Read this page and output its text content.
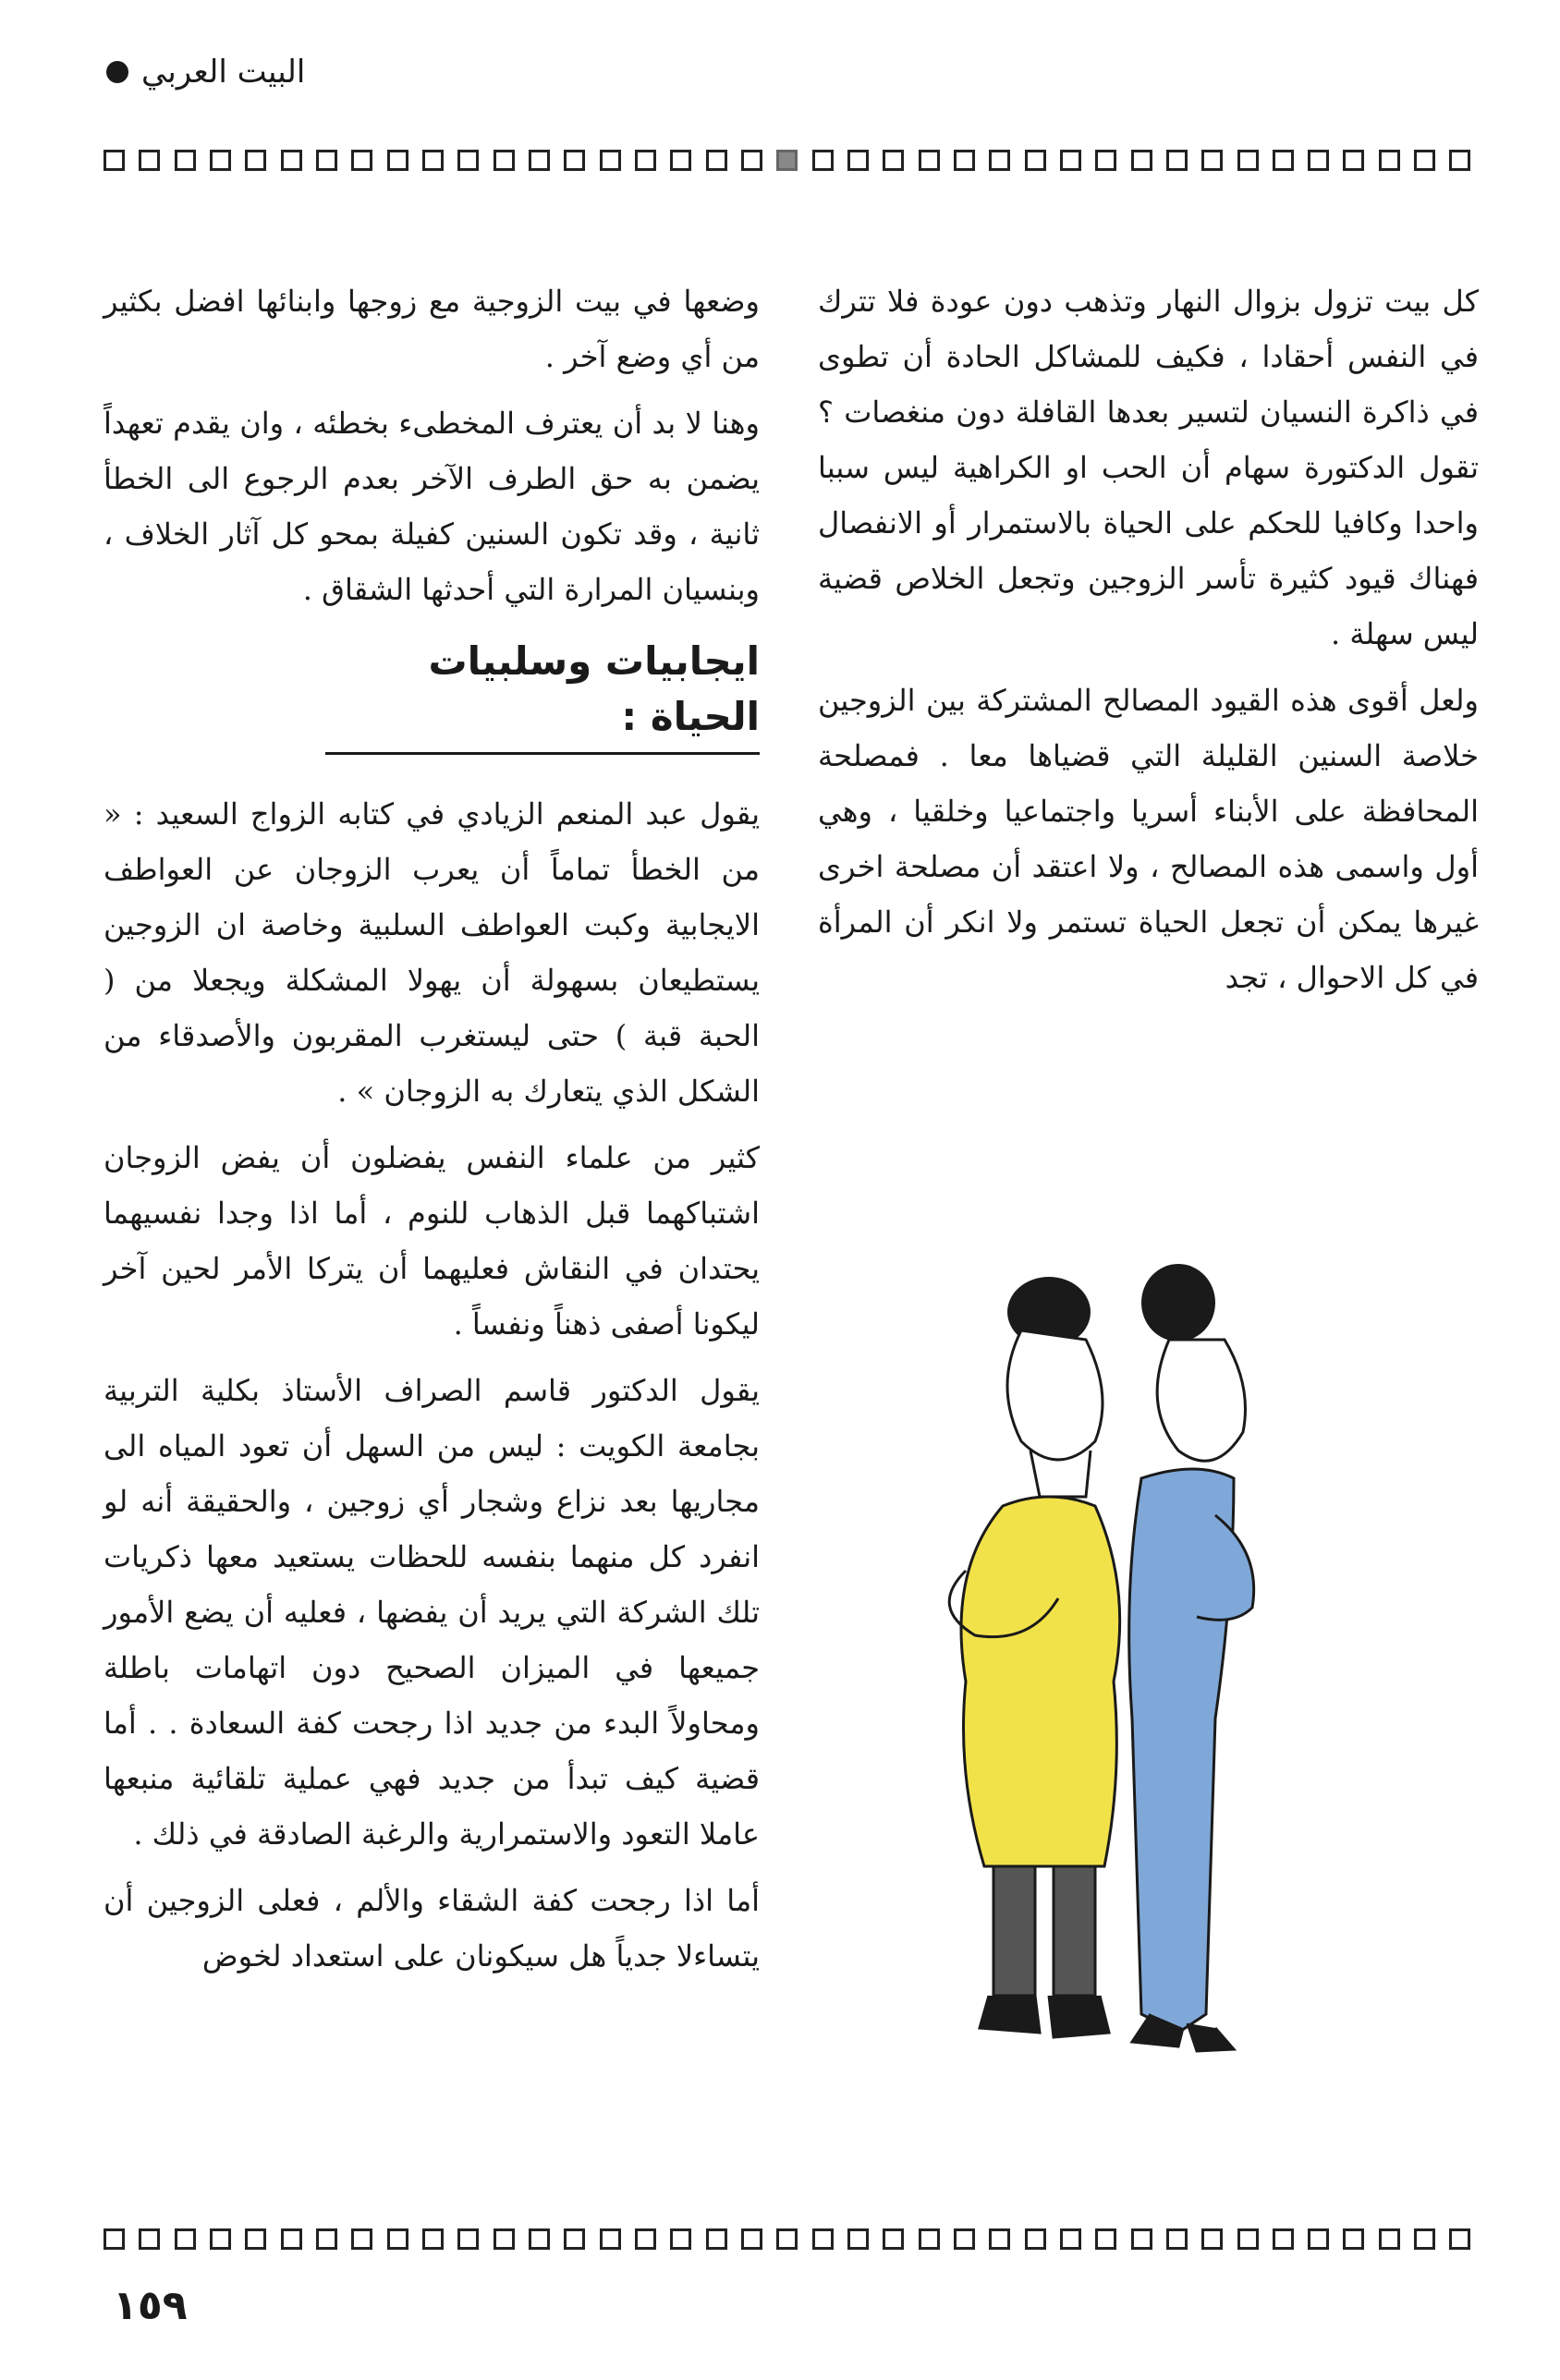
البيت العربي

كل بيت تزول بزوال النهار وتذهب دون عودة فلا تترك في النفس أحقادا ، فكيف للمشاكل الحادة أن تطوى في ذاكرة النسيان لتسير بعدها القافلة دون منغصات ؟ تقول الدكتورة سهام أن الحب او الكراهية ليس سببا واحدا وكافيا للحكم على الحياة بالاستمرار أو الانفصال فهناك قيود كثيرة تأسر الزوجين وتجعل الخلاص قضية ليس سهلة .

ولعل أقوى هذه القيود المصالح المشتركة بين الزوجين خلاصة السنين القليلة التي قضياها معا . فمصلحة المحافظة على الأبناء أسريا واجتماعيا وخلقيا ، وهي أول واسمى هذه المصالح ، ولا اعتقد أن مصلحة اخرى غيرها يمكن أن تجعل الحياة تستمر ولا انكر أن المرأة في كل الاحوال ، تجد

وضعها في بيت الزوجية مع زوجها وابنائها افضل بكثير من أي وضع آخر .

وهنا لا بد أن يعترف المخطىء بخطئه ، وان يقدم تعهداً يضمن به حق الطرف الآخر بعدم الرجوع الى الخطأ ثانية ، وقد تكون السنين كفيلة بمحو كل آثار الخلاف ، وبنسيان المرارة التي أحدثها الشقاق .

ايجابيات وسلبيات الحياة :

يقول عبد المنعم الزيادي في كتابه الزواج السعيد : « من الخطأ تماماً أن يعرب الزوجان عن العواطف الايجابية وكبت العواطف السلبية وخاصة ان الزوجين يستطيعان بسهولة أن يهولا المشكلة ويجعلا من ( الحبة قبة ) حتى ليستغرب المقربون والأصدقاء من الشكل الذي يتعارك به الزوجان » .

كثير من علماء النفس يفضلون أن يفض الزوجان اشتباكهما قبل الذهاب للنوم ، أما اذا وجدا نفسيهما يحتدان في النقاش فعليهما أن يتركا الأمر لحين آخر ليكونا أصفى ذهناً ونفساً .

يقول الدكتور قاسم الصراف الأستاذ بكلية التربية بجامعة الكويت : ليس من السهل أن تعود المياه الى مجاريها بعد نزاع وشجار أي زوجين ، والحقيقة أنه لو انفرد كل منهما بنفسه للحظات يستعيد معها ذكريات تلك الشركة التي يريد أن يفضها ، فعليه أن يضع الأمور جميعها في الميزان الصحيح دون اتهامات باطلة ومحاولاً البدء من جديد اذا رجحت كفة السعادة . . أما قضية كيف تبدأ من جديد فهي عملية تلقائية منبعها عاملا التعود والاستمرارية والرغبة الصادقة في ذلك .

أما اذا رجحت كفة الشقاء والألم ، فعلى الزوجين أن يتساءلا جدياً هل سيكونان على استعداد لخوض

١٥٩
